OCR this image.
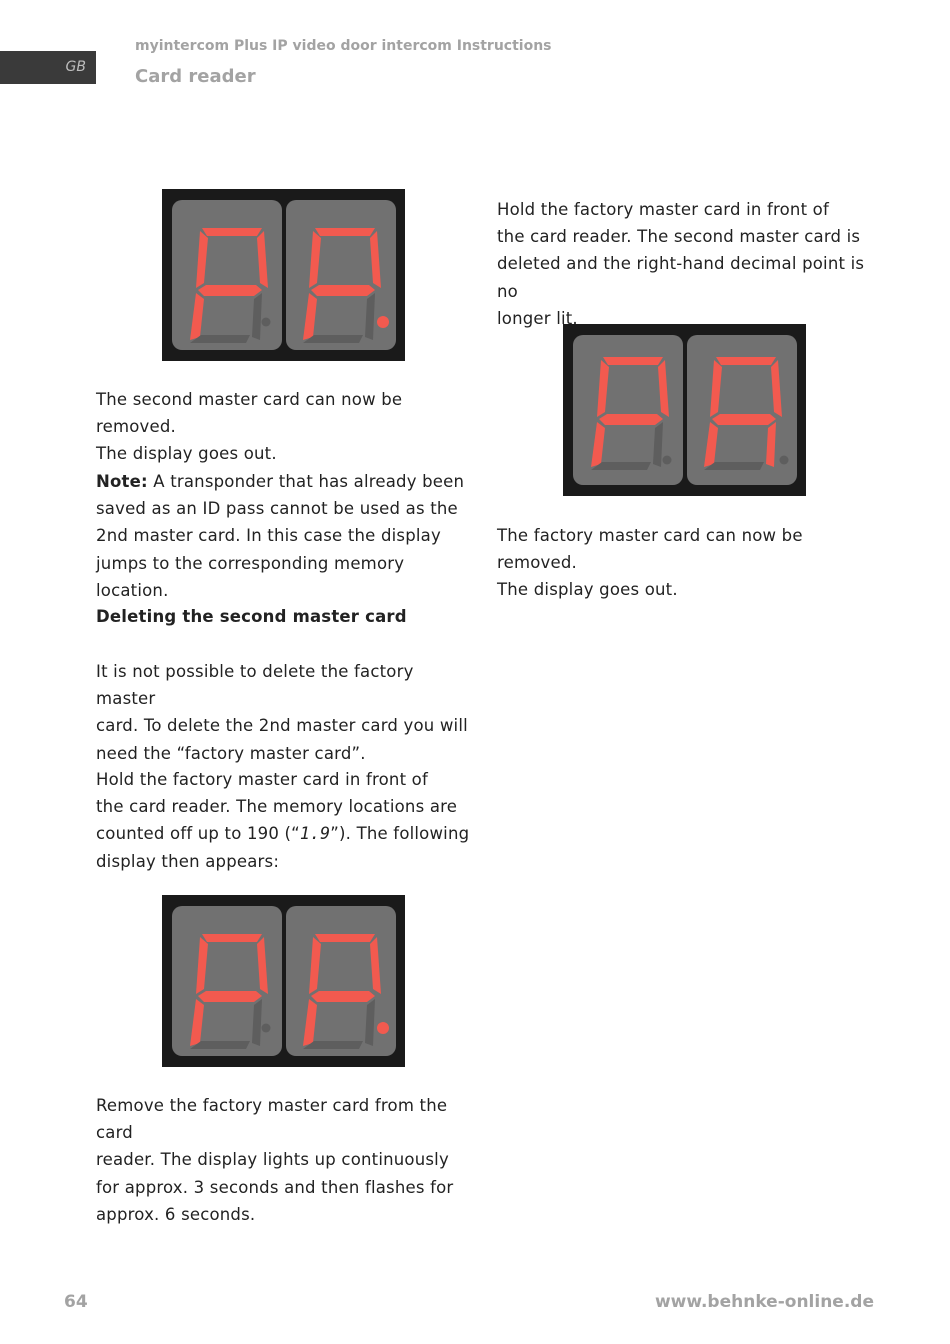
GB
myintercom Plus IP video door intercom Instructions
Card reader

The second master card can now be removed.

The display goes out.

Note: A transponder that has already been

saved as an ID pass cannot be used as the

2nd master card. In this case the display

jumps to the corresponding memory location.

Deleting the second master card

It is not possible to delete the factory master

card. To delete the 2nd master card you will

need the “factory master card”.

Hold the factory master card in front of

the card reader. The memory locations are

counted off up to 190 (“1.9”). The following

display then appears:

Remove the factory master card from the card

reader. The display lights up continuously

for approx. 3 seconds and then flashes for

approx. 6 seconds.

Hold the factory master card in front of

the card reader. The second master card is

deleted and the right-hand decimal point is no

longer lit.

The factory master card can now be removed.

The display goes out.

64	www.behnke-online.de
